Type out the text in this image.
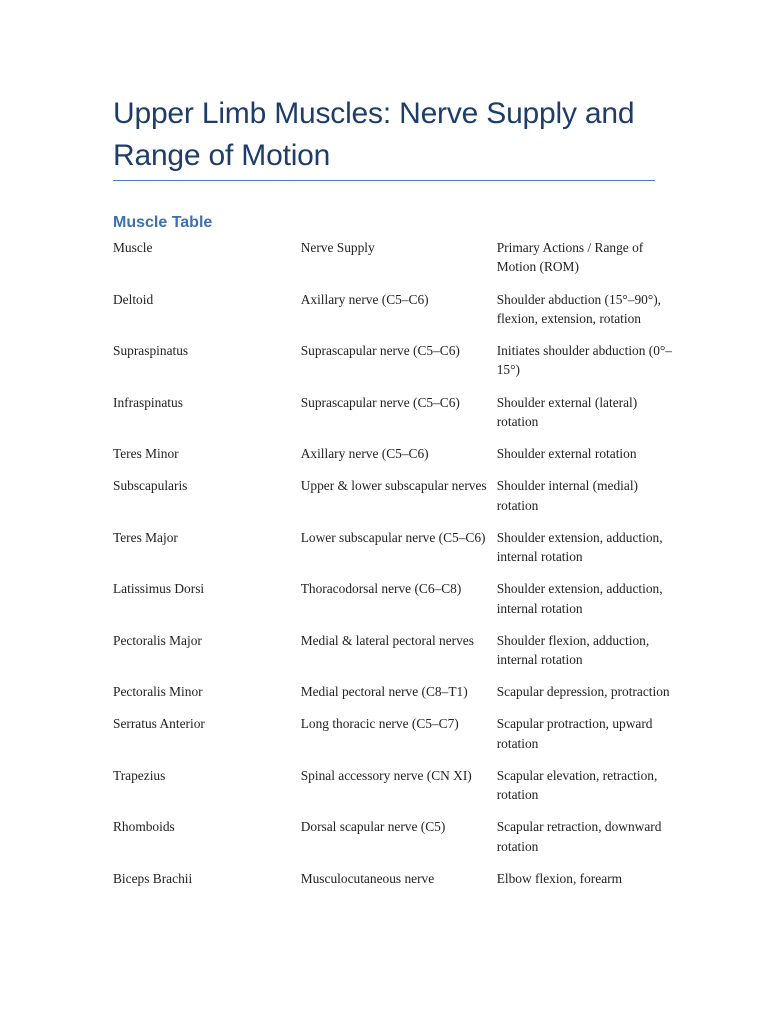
Upper Limb Muscles: Nerve Supply and Range of Motion
Muscle Table
Muscle	Nerve Supply	Primary Actions / Range of Motion (ROM)
Deltoid	Axillary nerve (C5–C6)	Shoulder abduction (15°–90°), flexion, extension, rotation
Supraspinatus	Suprascapular nerve (C5–C6)	Initiates shoulder abduction (0°–15°)
Infraspinatus	Suprascapular nerve (C5–C6)	Shoulder external (lateral) rotation
Teres Minor	Axillary nerve (C5–C6)	Shoulder external rotation
Subscapularis	Upper & lower subscapular nerves	Shoulder internal (medial) rotation
Teres Major	Lower subscapular nerve (C5–C6)	Shoulder extension, adduction, internal rotation
Latissimus Dorsi	Thoracodorsal nerve (C6–C8)	Shoulder extension, adduction, internal rotation
Pectoralis Major	Medial & lateral pectoral nerves	Shoulder flexion, adduction, internal rotation
Pectoralis Minor	Medial pectoral nerve (C8–T1)	Scapular depression, protraction
Serratus Anterior	Long thoracic nerve (C5–C7)	Scapular protraction, upward rotation
Trapezius	Spinal accessory nerve (CN XI)	Scapular elevation, retraction, rotation
Rhomboids	Dorsal scapular nerve (C5)	Scapular retraction, downward rotation
Biceps Brachii	Musculocutaneous nerve	Elbow flexion, forearm
